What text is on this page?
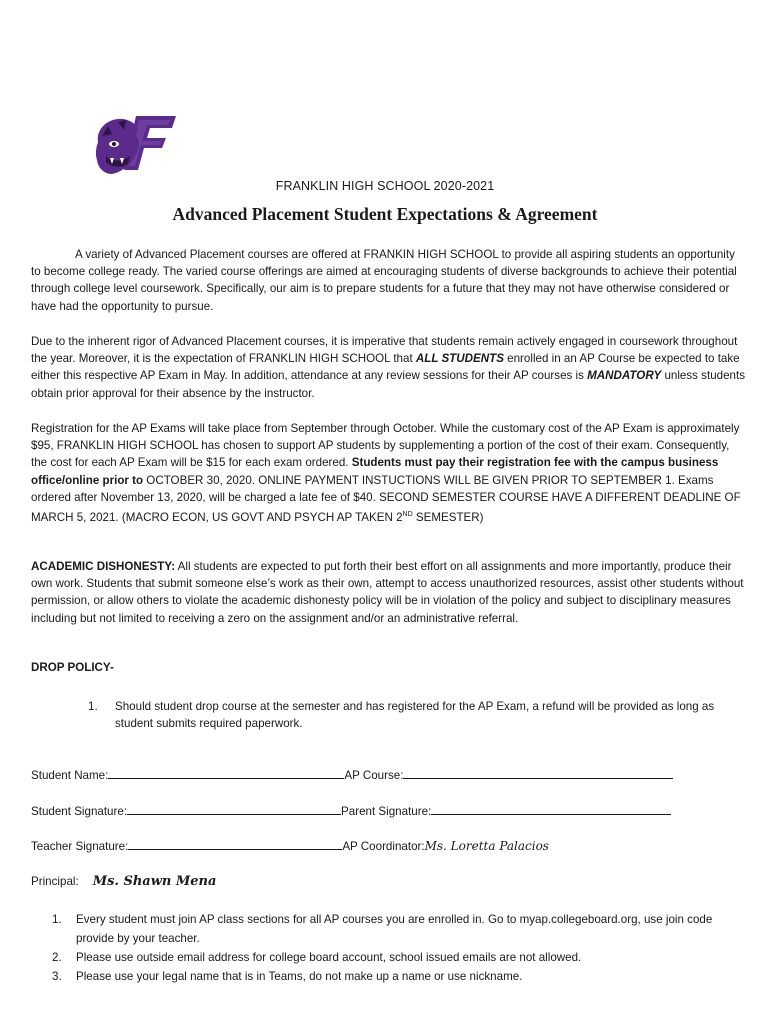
FRANKLIN HIGH SCHOOL 2020-2021
Advanced Placement Student Expectations & Agreement
A variety of Advanced Placement courses are offered at FRANKIN HIGH SCHOOL to provide all aspiring students an opportunity to become college ready. The varied course offerings are aimed at encouraging students of diverse backgrounds to achieve their potential through college level coursework. Specifically, our aim is to prepare students for a future that they may not have otherwise considered or have had the opportunity to pursue.
Due to the inherent rigor of Advanced Placement courses, it is imperative that students remain actively engaged in coursework throughout the year. Moreover, it is the expectation of FRANKLIN HIGH SCHOOL that ALL STUDENTS enrolled in an AP Course be expected to take either this respective AP Exam in May. In addition, attendance at any review sessions for their AP courses is MANDATORY unless students obtain prior approval for their absence by the instructor.
Registration for the AP Exams will take place from September through October. While the customary cost of the AP Exam is approximately $95, FRANKLIN HIGH SCHOOL has chosen to support AP students by supplementing a portion of the cost of their exam. Consequently, the cost for each AP Exam will be $15 for each exam ordered. Students must pay their registration fee with the campus business office/online prior to OCTOBER 30, 2020. ONLINE PAYMENT INSTUCTIONS WILL BE GIVEN PRIOR TO SEPTEMBER 1. Exams ordered after November 13, 2020, will be charged a late fee of $40. SECOND SEMESTER COURSE HAVE A DIFFERENT DEADLINE OF MARCH 5, 2021. (MACRO ECON, US GOVT AND PSYCH AP TAKEN 2ND SEMESTER)
ACADEMIC DISHONESTY: All students are expected to put forth their best effort on all assignments and more importantly, produce their own work. Students that submit someone else’s work as their own, attempt to access unauthorized resources, assist other students without permission, or allow others to violate the academic dishonesty policy will be in violation of the policy and subject to disciplinary measures including but not limited to receiving a zero on the assignment and/or an administrative referral.
DROP POLICY-
1. Should student drop course at the semester and has registered for the AP Exam, a refund will be provided as long as student submits required paperwork.
Student Name:	AP Course:
Student Signature:	Parent Signature:
Teacher Signature:	AP Coordinator:Ms. Loretta Palacios
Principal: Ms. Shawn Mena
1. Every student must join AP class sections for all AP courses you are enrolled in. Go to myap.collegeboard.org, use join code provide by your teacher.
2. Please use outside email address for college board account, school issued emails are not allowed.
3. Please use your legal name that is in Teams, do not make up a name or use nickname.
